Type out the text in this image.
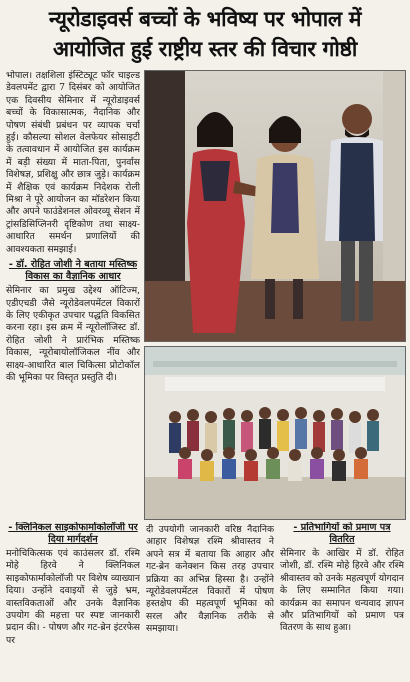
न्यूरोडाइवर्स बच्चों के भविष्य पर भोपाल में
आयोजित हुई राष्ट्रीय स्तर की विचार गोष्ठी

भोपाल। तक्षशिला इंस्टिट्यूट फॉर चाइल्ड डेवलपमेंट द्वारा 7 दिसंबर को आयोजित एक दिवसीय सेमिनार में न्यूरोडाइवर्स बच्चों के विकासात्मक, नैदानिक और पोषण संबंधी प्रबंधन पर व्यापक चर्चा हुई। कौसल्या सोशल वेलफेयर सोसाइटी के तत्वावधान में आयोजित इस कार्यक्रम में बड़ी संख्या में माता-पिता, पुनर्वास विशेषज्ञ, प्रशिक्षु और छात्र जुड़े। कार्यक्रम में शैक्षिक एवं कार्यक्रम निदेशक रोली मिश्रा ने पूरे आयोजन का मॉडरेशन किया और अपने फाउंडेशनल ओवरव्यू सेशन में ट्रांसडिसिप्लिनरी दृष्टिकोण तथा साक्ष्य-आधारित समर्थन प्रणालियों की आवश्यकता समझाई।

- डॉ. रोहित जोशी ने बताया मस्तिष्क विकास का वैज्ञानिक आधार

सेमिनार का प्रमुख उद्देश्य ऑटिज्म, एडीएचडी जैसे न्यूरोडेवलपमेंटल विकारों के लिए एकीकृत उपचार पद्धति विकसित करना रहा। इस क्रम में न्यूरोलॉजिस्ट डॉ. रोहित जोशी ने प्रारंभिक मस्तिष्क विकास, न्यूरोबायोलॉजिकल नींव और साक्ष्य-आधारित बाल चिकित्सा प्रोटोकॉल की भूमिका पर विस्तृत प्रस्तुति दी।

- क्लिनिकल साइकोफार्माकोलॉजी पर दिया मार्गदर्शन

मनोचिकित्सक एवं काउंसलर डॉ. रश्मि मोहे हिरवे ने क्लिनिकल साइकोफार्माकोलॉजी पर विशेष व्याख्यान दिया। उन्होंने दवाइयों से जुड़े भ्रम, वास्तविकताओं और उनके वैज्ञानिक उपयोग की महत्ता पर स्पष्ट जानकारी प्रदान की। - पोषण और गट-ब्रेन इंटरफेस पर

दी उपयोगी जानकारी वरिष्ठ नैदानिक आहार विशेषज्ञ रश्मि श्रीवास्तव ने अपने सत्र में बताया कि आहार और गट-ब्रेन कनेक्शन किस तरह उपचार प्रक्रिया का अभिन्न हिस्सा है। उन्होंने न्यूरोडेवलपमेंटल विकारों में पोषण हस्तक्षेप की महत्वपूर्ण भूमिका को सरल और वैज्ञानिक तरीके से समझाया।

- प्रतिभागियों को प्रमाण पत्र वितरित

सेमिनार के आखिर में डॉ. रोहित जोशी, डॉ. रश्मि मोहे हिरवे और रश्मि श्रीवास्तव को उनके महत्वपूर्ण योगदान के लिए सम्मानित किया गया। कार्यक्रम का समापन धन्यवाद ज्ञापन और प्रतिभागियों को प्रमाण पत्र वितरण के साथ हुआ।
